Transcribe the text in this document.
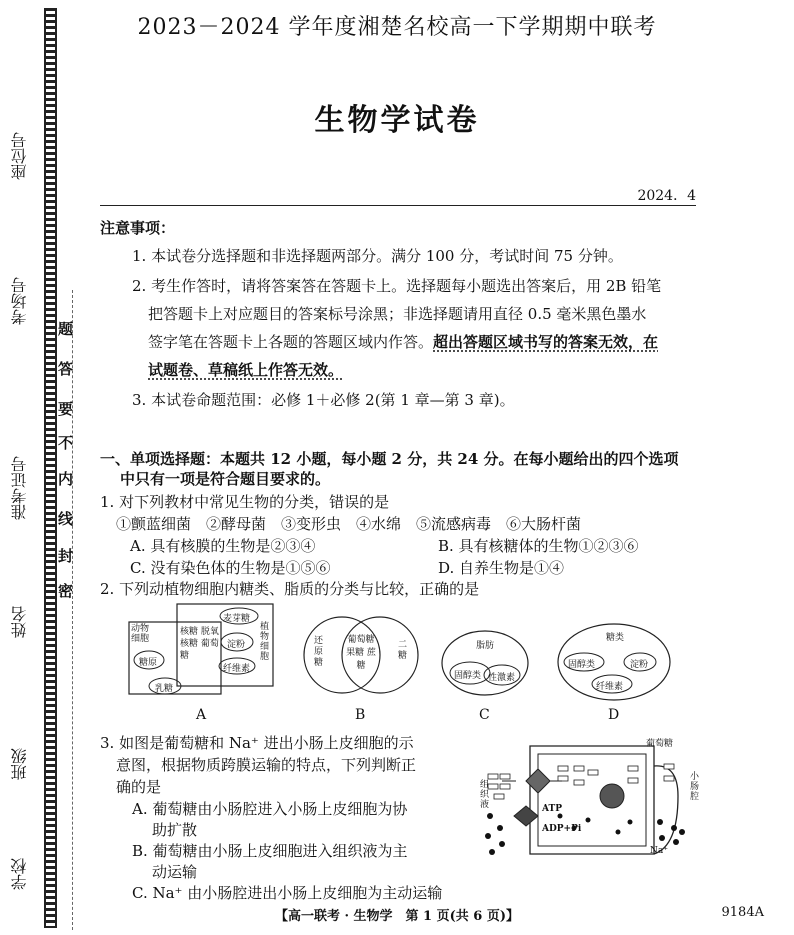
座位号
考场号
准考证号
姓名
班级
学校
题
答
要
不
内
线
封
密
2023－2024 学年度湘楚名校高一下学期期中联考
生物学试卷
2024．4
注意事项：
1. 本试卷分选择题和非选择题两部分。满分 100 分，考试时间 75 分钟。
2. 考生作答时，请将答案答在答题卡上。选择题每小题选出答案后，用 2B 铅笔
把答题卡上对应题目的答案标号涂黑；非选择题请用直径 0.5 毫米黑色墨水
签字笔在答题卡上各题的答题区域内作答。超出答题区域书写的答案无效，在
试题卷、草稿纸上作答无效。
3. 本试卷命题范围：必修 1＋必修 2(第 1 章—第 3 章)。
一、单项选择题：本题共 12 小题，每小题 2 分，共 24 分。在每小题给出的四个选项
中只有一项是符合题目要求的。
1. 对下列教材中常见生物的分类，错误的是
①颤蓝细菌　②酵母菌　③变形虫　④水绵　⑤流感病毒　⑥大肠杆菌
A. 具有核膜的生物是②③④	B. 具有核糖体的生物①②③⑥
C. 没有染色体的生物是①⑤⑥	D. 自养生物是①④
2. 下列动植物细胞内糖类、脂质的分类与比较，正确的是
动物细胞
植物细胞
核糖 脱氧核糖 葡萄糖
麦芽糖
淀粉
纤维素
糖原
乳糖
A
还原糖
葡萄糖 果糖 蔗糖
二糖
B
脂肪
固醇类 性激素
C
糖类
固醇类	淀粉
纤维素
D
3. 如图是葡萄糖和 Na⁺ 进出小肠上皮细胞的示
意图，根据物质跨膜运输的特点，下列判断正
确的是
A. 葡萄糖由小肠腔进入小肠上皮细胞为协
助扩散
B. 葡萄糖由小肠上皮细胞进入组织液为主
动运输
C. Na⁺ 由小肠腔进出小肠上皮细胞为主动运输
葡萄糖
小肠腔
组织液	ATP
ADP+Pi
Na⁺
【高一联考 · 生物学　第 1 页(共 6 页)】	9184A
